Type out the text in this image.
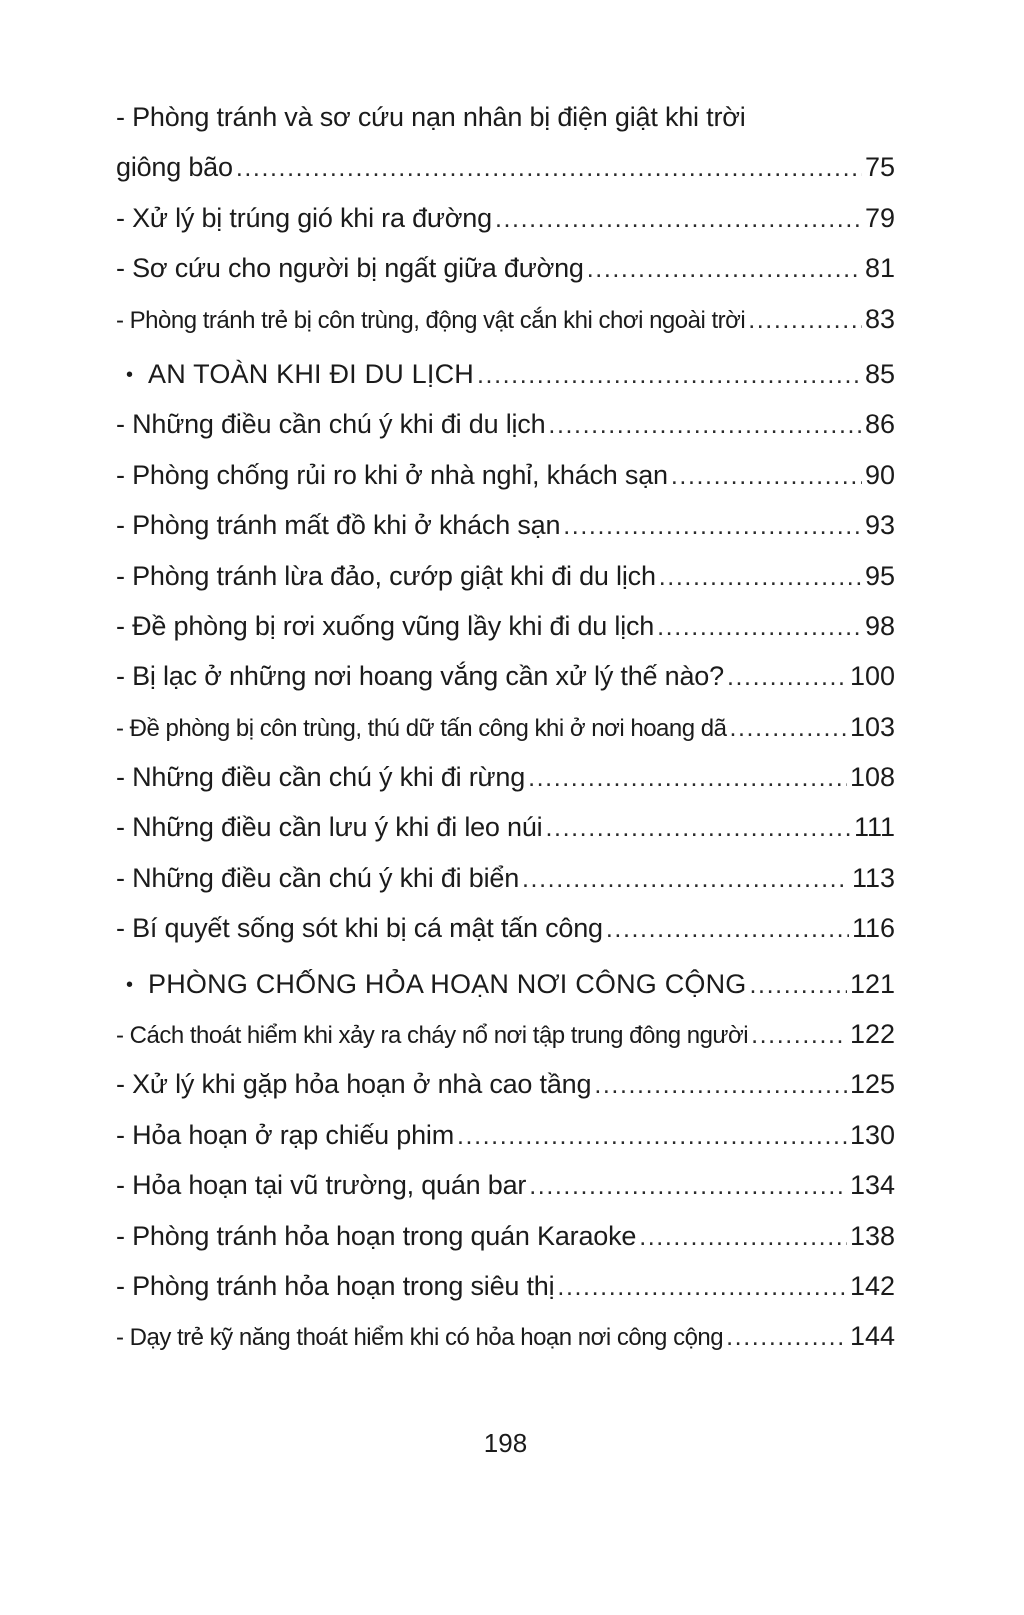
- Phòng tránh và sơ cứu nạn nhân bị điện giật khi trời
giông bão .....	75
- Xử lý bị trúng gió khi ra đường .....	79
- Sơ cứu cho người bị ngất giữa đường .....	81
- Phòng tránh trẻ bị côn trùng, động vật cắn khi chơi ngoài trời .....	83
• AN TOÀN KHI ĐI DU LỊCH .....	85
- Những điều cần chú ý khi đi du lịch .....	86
- Phòng chống rủi ro khi ở nhà nghỉ, khách sạn .....	90
- Phòng tránh mất đồ khi ở khách sạn .....	93
- Phòng tránh lừa đảo, cướp giật khi đi du lịch .....	95
- Đề phòng bị rơi xuống vũng lầy khi đi du lịch .....	98
- Bị lạc ở những nơi hoang vắng cần xử lý thế nào? .....	100
- Đề phòng bị côn trùng, thú dữ tấn công khi ở nơi hoang dã .....	103
- Những điều cần chú ý khi đi rừng .....	108
- Những điều cần lưu ý khi đi leo núi .....	111
- Những điều cần chú ý khi đi biển .....	113
- Bí quyết sống sót khi bị cá mật tấn công .....	116
• PHÒNG CHỐNG HỎA HOẠN NƠI CÔNG CỘNG .....	121
- Cách thoát hiểm khi xảy ra cháy nổ nơi tập trung đông người .....	122
- Xử lý khi gặp hỏa hoạn ở nhà cao tầng .....	125
- Hỏa hoạn ở rạp chiếu phim .....	130
- Hỏa hoạn tại vũ trường, quán bar .....	134
- Phòng tránh hỏa hoạn trong quán Karaoke .....	138
- Phòng tránh hỏa hoạn trong siêu thị .....	142
- Dạy trẻ kỹ năng thoát hiểm khi có hỏa hoạn nơi công cộng .....	144
198
